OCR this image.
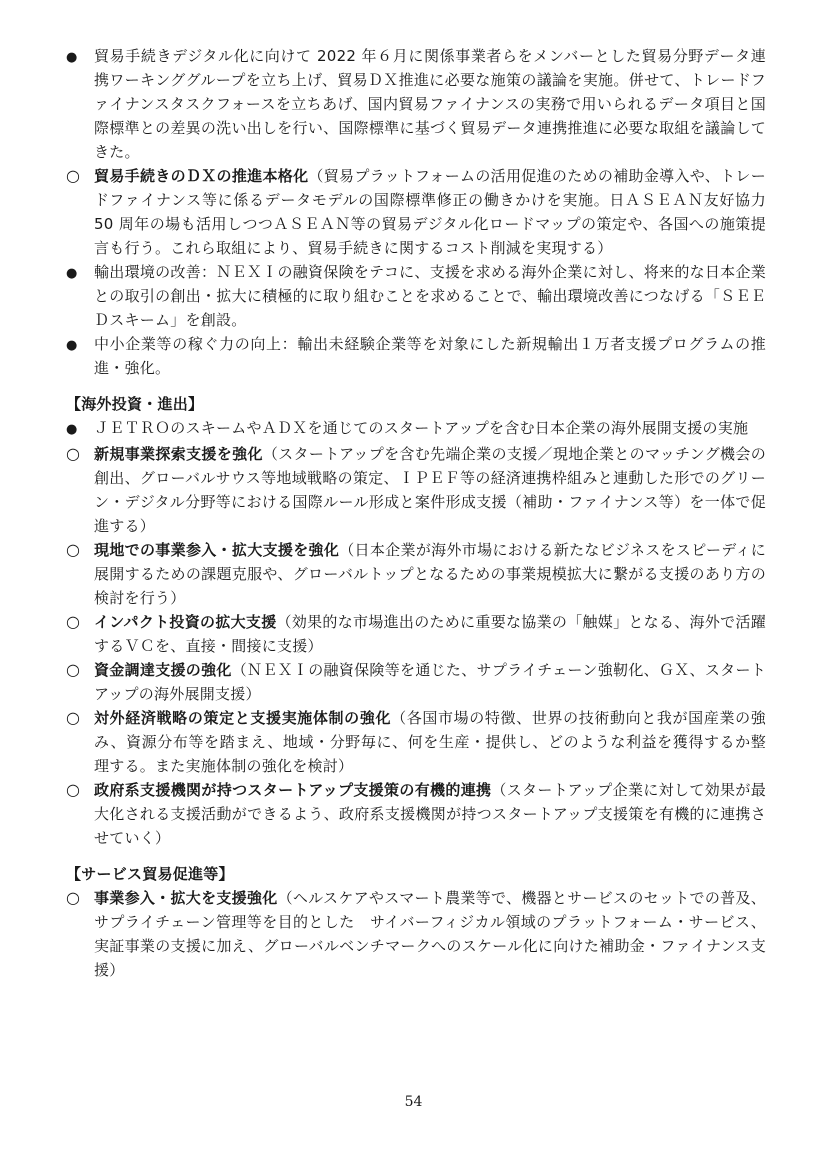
●
貿易手続きデジタル化に向けて 2022 年６月に関係事業者らをメンバーとした貿易分野データ連携ワーキンググループを立ち上げ、貿易ＤＸ推進に必要な施策の議論を実施。併せて、トレードファイナンスタスクフォースを立ちあげ、国内貿易ファイナンスの実務で用いられるデータ項目と国際標準との差異の洗い出しを行い、国際標準に基づく貿易データ連携推進に必要な取組を議論してきた。
○
貿易手続きのＤＸの推進本格化（貿易プラットフォームの活用促進のための補助金導入や、トレードファイナンス等に係るデータモデルの国際標準修正の働きかけを実施。日ＡＳＥＡＮ友好協力 50 周年の場も活用しつつＡＳＥＡＮ等の貿易デジタル化ロードマップの策定や、各国への施策提言も行う。これら取組により、貿易手続きに関するコスト削減を実現する）
●
輸出環境の改善：ＮＥＸＩの融資保険をテコに、支援を求める海外企業に対し、将来的な日本企業との取引の創出・拡大に積極的に取り組むことを求めることで、輸出環境改善につなげる「ＳＥＥＤスキーム」を創設。
●
中小企業等の稼ぐ力の向上：輸出未経験企業等を対象にした新規輸出１万者支援プログラムの推進・強化。
【海外投資・進出】
●
ＪＥＴＲＯのスキームやＡＤＸを通じてのスタートアップを含む日本企業の海外展開支援の実施
○
新規事業探索支援を強化（スタートアップを含む先端企業の支援／現地企業とのマッチング機会の創出、グローバルサウス等地域戦略の策定、ＩＰＥＦ等の経済連携枠組みと連動した形でのグリーン・デジタル分野等における国際ルール形成と案件形成支援（補助・ファイナンス等）を一体で促進する）
○
現地での事業参入・拡大支援を強化（日本企業が海外市場における新たなビジネスをスピーディに展開するための課題克服や、グローバルトップとなるための事業規模拡大に繋がる支援のあり方の検討を行う）
○
インパクト投資の拡大支援（効果的な市場進出のために重要な協業の「触媒」となる、海外で活躍するＶＣを、直接・間接に支援）
○
資金調達支援の強化（ＮＥＸＩの融資保険等を通じた、サプライチェーン強靭化、ＧＸ、スタートアップの海外展開支援）
○
対外経済戦略の策定と支援実施体制の強化（各国市場の特徴、世界の技術動向と我が国産業の強み、資源分布等を踏まえ、地域・分野毎に、何を生産・提供し、どのような利益を獲得するか整理する。また実施体制の強化を検討）
○
政府系支援機関が持つスタートアップ支援策の有機的連携（スタートアップ企業に対して効果が最大化される支援活動ができるよう、政府系支援機関が持つスタートアップ支援策を有機的に連携させていく）
【サービス貿易促進等】
○
事業参入・拡大を支援強化（ヘルスケアやスマート農業等で、機器とサービスのセットでの普及、サプライチェーン管理等を目的とした　サイバーフィジカル領域のプラットフォーム・サービス、実証事業の支援に加え、グローバルベンチマークへのスケール化に向けた補助金・ファイナンス支援）
54
